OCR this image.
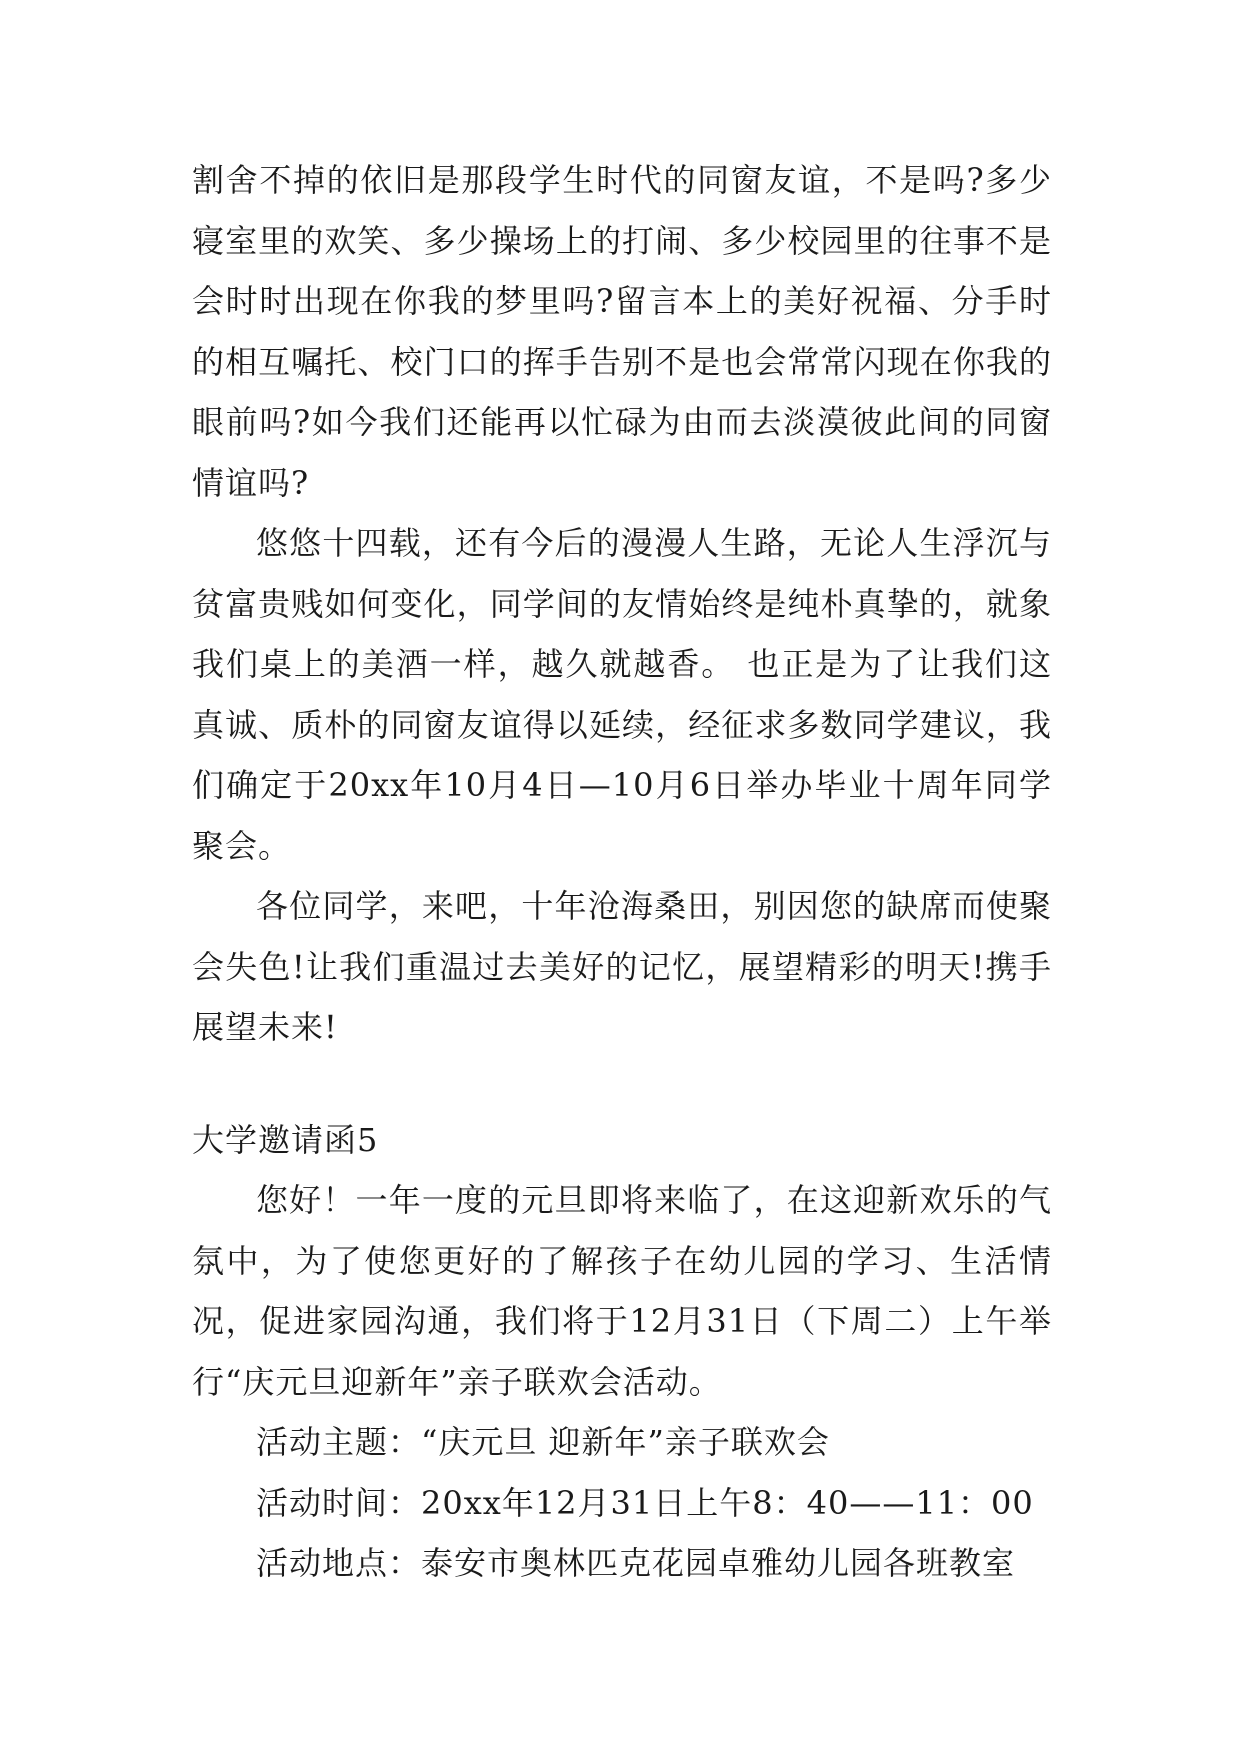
割舍不掉的依旧是那段学生时代的同窗友谊，不是吗?多少寝室里的欢笑、多少操场上的打闹、多少校园里的往事不是会时时出现在你我的梦里吗?留言本上的美好祝福、分手时的相互嘱托、校门口的挥手告别不是也会常常闪现在你我的眼前吗?如今我们还能再以忙碌为由而去淡漠彼此间的同窗情谊吗?

悠悠十四载，还有今后的漫漫人生路，无论人生浮沉与贫富贵贱如何变化，同学间的友情始终是纯朴真挚的，就象我们桌上的美酒一样，越久就越香。 也正是为了让我们这真诚、质朴的同窗友谊得以延续，经征求多数同学建议，我们确定于20xx年10月4日—10月6日举办毕业十周年同学聚会。

各位同学，来吧，十年沧海桑田，别因您的缺席而使聚会失色!让我们重温过去美好的记忆，展望精彩的明天!携手展望未来!

大学邀请函5

您好！一年一度的元旦即将来临了，在这迎新欢乐的气氛中，为了使您更好的了解孩子在幼儿园的学习、生活情况，促进家园沟通，我们将于12月31日（下周二）上午举行“庆元旦迎新年”亲子联欢会活动。

活动主题：“庆元旦 迎新年”亲子联欢会

活动时间：20xx年12月31日上午8：40——11：00

活动地点：泰安市奥林匹克花园卓雅幼儿园各班教室
